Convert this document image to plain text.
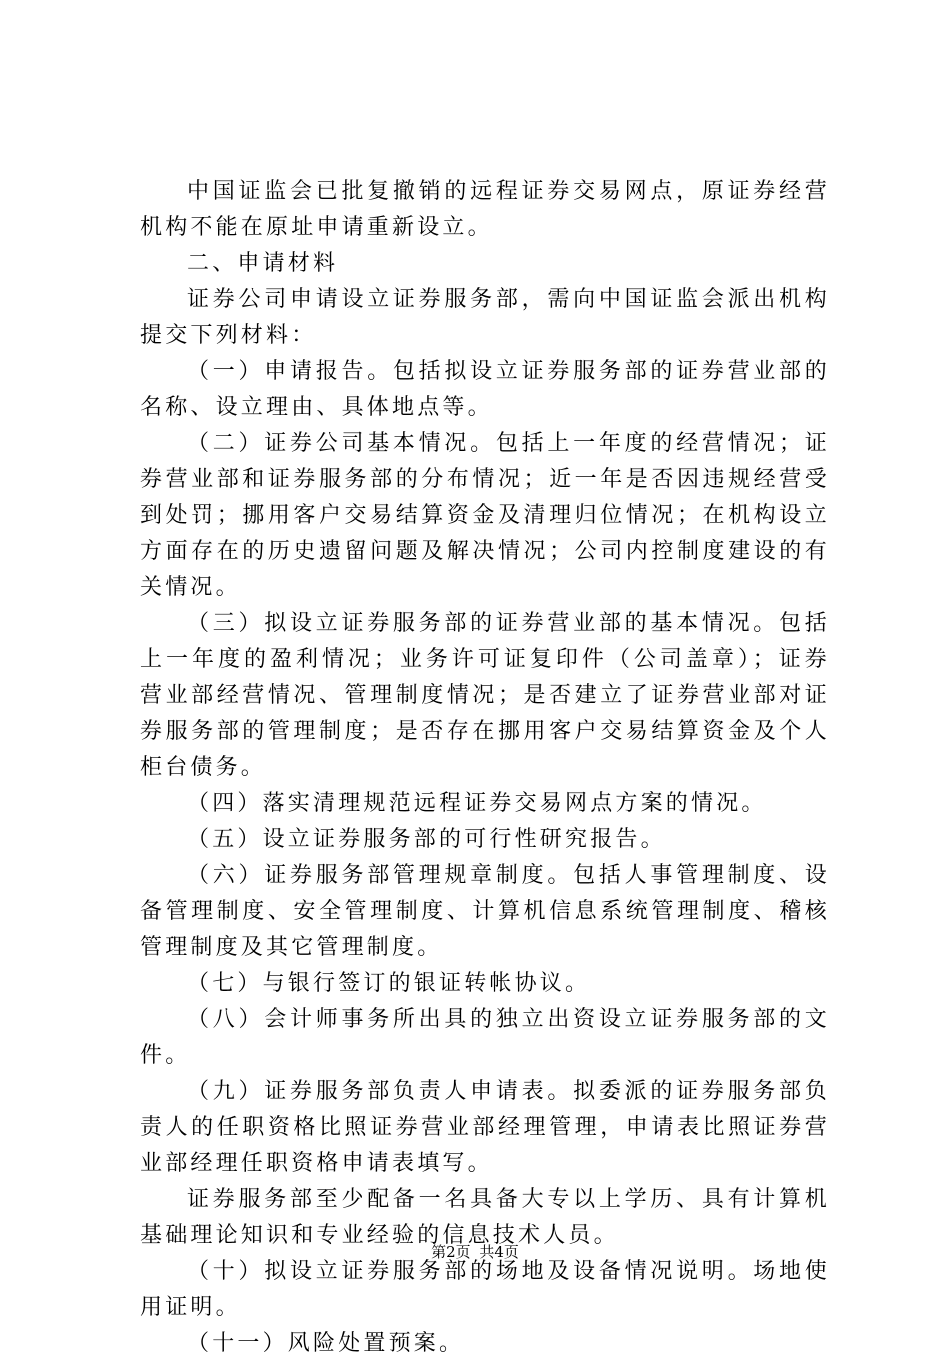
中国证监会已批复撤销的远程证券交易网点，原证券经营机构不能在原址申请重新设立。

二、申请材料

证券公司申请设立证券服务部，需向中国证监会派出机构提交下列材料：

（一）申请报告。包括拟设立证券服务部的证券营业部的名称、设立理由、具体地点等。

（二）证券公司基本情况。包括上一年度的经营情况；证券营业部和证券服务部的分布情况；近一年是否因违规经营受到处罚；挪用客户交易结算资金及清理归位情况；在机构设立方面存在的历史遗留问题及解决情况；公司内控制度建设的有关情况。

（三）拟设立证券服务部的证券营业部的基本情况。包括上一年度的盈利情况；业务许可证复印件（公司盖章）；证券营业部经营情况、管理制度情况；是否建立了证券营业部对证券服务部的管理制度；是否存在挪用客户交易结算资金及个人柜台债务。

（四）落实清理规范远程证券交易网点方案的情况。

（五）设立证券服务部的可行性研究报告。

（六）证券服务部管理规章制度。包括人事管理制度、设备管理制度、安全管理制度、计算机信息系统管理制度、稽核管理制度及其它管理制度。

（七）与银行签订的银证转帐协议。

（八）会计师事务所出具的独立出资设立证券服务部的文件。

（九）证券服务部负责人申请表。拟委派的证券服务部负责人的任职资格比照证券营业部经理管理，申请表比照证券营业部经理任职资格申请表填写。

证券服务部至少配备一名具备大专以上学历、具有计算机基础理论知识和专业经验的信息技术人员。

（十）拟设立证券服务部的场地及设备情况说明。场地使用证明。

（十一）风险处置预案。

第2页 共4页
